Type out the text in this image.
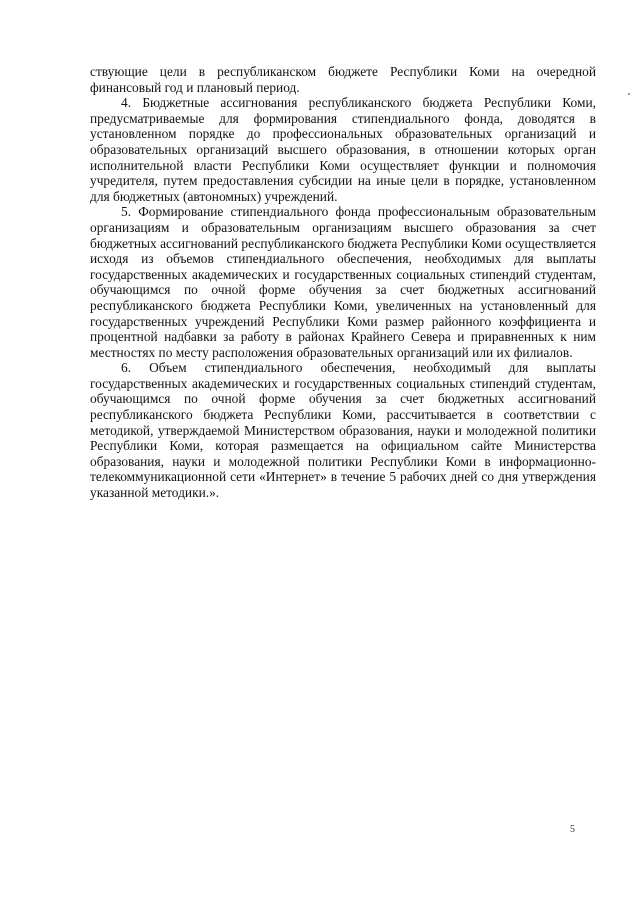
ствующие цели в республиканском бюджете Республики Коми на очередной финансовый год и плановый период.

4. Бюджетные ассигнования республиканского бюджета Республики Коми, предусматриваемые для формирования стипендиального фонда, доводятся в установленном порядке до профессиональных образовательных организаций и образовательных организаций высшего образования, в отношении которых орган исполнительной власти Республики Коми осуществляет функции и полномочия учредителя, путем предоставления субсидии на иные цели в порядке, установленном для бюджетных (автономных) учреждений.

5. Формирование стипендиального фонда профессиональным образовательным организациям и образовательным организациям высшего образования за счет бюджетных ассигнований республиканского бюджета Республики Коми осуществляется исходя из объемов стипендиального обеспечения, необходимых для выплаты государственных академических и государственных социальных стипендий студентам, обучающимся по очной форме обучения за счет бюджетных ассигнований республиканского бюджета Республики Коми, увеличенных на установленный для государственных учреждений Республики Коми размер районного коэффициента и процентной надбавки за работу в районах Крайнего Севера и приравненных к ним местностях по месту расположения образовательных организаций или их филиалов.

6. Объем стипендиального обеспечения, необходимый для выплаты государственных академических и государственных социальных стипендий студентам, обучающимся по очной форме обучения за счет бюджетных ассигнований республиканского бюджета Республики Коми, рассчитывается в соответствии с методикой, утверждаемой Министерством образования, науки и молодежной политики Республики Коми, которая размещается на официальном сайте Министерства образования, науки и молодежной политики Республики Коми в информационно-телекоммуникационной сети «Интернет» в течение 5 рабочих дней со дня утверждения указанной методики.».

5
